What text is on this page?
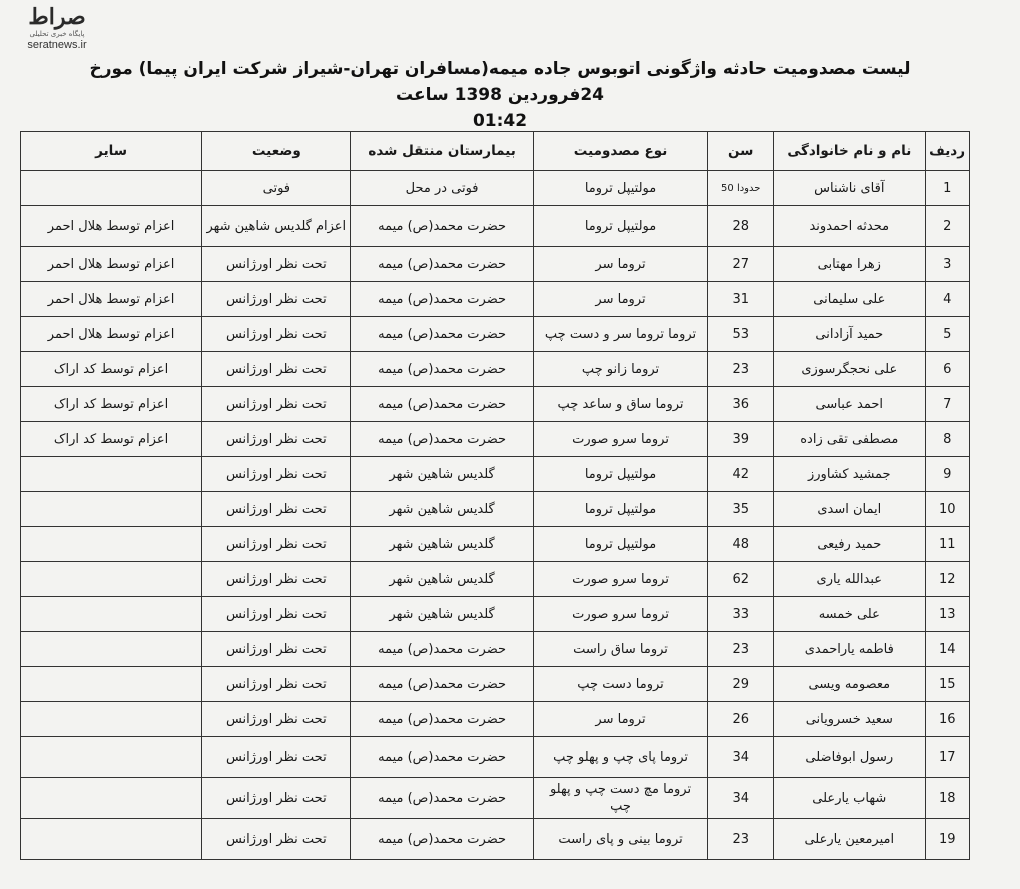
صراط
پایگاه خبری تحلیلی
seratnews.ir
لیست مصدومیت حادثه واژگونی اتوبوس جاده میمه(مسافران تهران-شیراز شرکت ایران پیما) مورخ 24فروردین 1398 ساعت
01:42
ردیف	نام و نام خانوادگی	سن	نوع مصدومیت	بیمارستان منتقل شده	وضعیت	سایر
1	آقای ناشناس	حدودا 50	مولتیپل تروما	فوتی در محل	فوتی	
2	محدثه احمدوند	28	مولتیپل تروما	حضرت محمد(ص) میمه	اعزام گلدیس شاهین شهر	اعزام توسط هلال احمر
3	زهرا مهتابی	27	تروما سر	حضرت محمد(ص) میمه	تحت نظر اورژانس	اعزام توسط هلال احمر
4	علی سلیمانی	31	تروما سر	حضرت محمد(ص) میمه	تحت نظر اورژانس	اعزام توسط هلال احمر
5	حمید آزادانی	53	تروما تروما سر و دست چپ	حضرت محمد(ص) میمه	تحت نظر اورژانس	اعزام توسط هلال احمر
6	علی نحجگرسوزی	23	تروما زانو چپ	حضرت محمد(ص) میمه	تحت نظر اورژانس	اعزام توسط کد اراک
7	احمد عباسی	36	تروما ساق و ساعد چپ	حضرت محمد(ص) میمه	تحت نظر اورژانس	اعزام توسط کد اراک
8	مصطفی تقی زاده	39	تروما سرو صورت	حضرت محمد(ص) میمه	تحت نظر اورژانس	اعزام توسط کد اراک
9	جمشید کشاورز	42	مولتیپل تروما	گلدیس شاهین شهر	تحت نظر اورژانس	
10	ایمان اسدی	35	مولتیپل تروما	گلدیس شاهین شهر	تحت نظر اورژانس	
11	حمید رفیعی	48	مولتیپل تروما	گلدیس شاهین شهر	تحت نظر اورژانس	
12	عبدالله یاری	62	تروما سرو صورت	گلدیس شاهین شهر	تحت نظر اورژانس	
13	علی خمسه	33	تروما سرو صورت	گلدیس شاهین شهر	تحت نظر اورژانس	
14	فاطمه یاراحمدی	23	تروما ساق راست	حضرت محمد(ص) میمه	تحت نظر اورژانس	
15	معصومه ویسی	29	تروما دست چپ	حضرت محمد(ص) میمه	تحت نظر اورژانس	
16	سعید خسرویانی	26	تروما سر	حضرت محمد(ص) میمه	تحت نظر اورژانس	
17	رسول ابوفاضلی	34	تروما پای چپ و پهلو چپ	حضرت محمد(ص) میمه	تحت نظر اورژانس	
18	شهاب یارعلی	34	تروما مچ دست چپ و پهلو چپ	حضرت محمد(ص) میمه	تحت نظر اورژانس	
19	امیرمعین یارعلی	23	تروما بینی و پای راست	حضرت محمد(ص) میمه	تحت نظر اورژانس	
